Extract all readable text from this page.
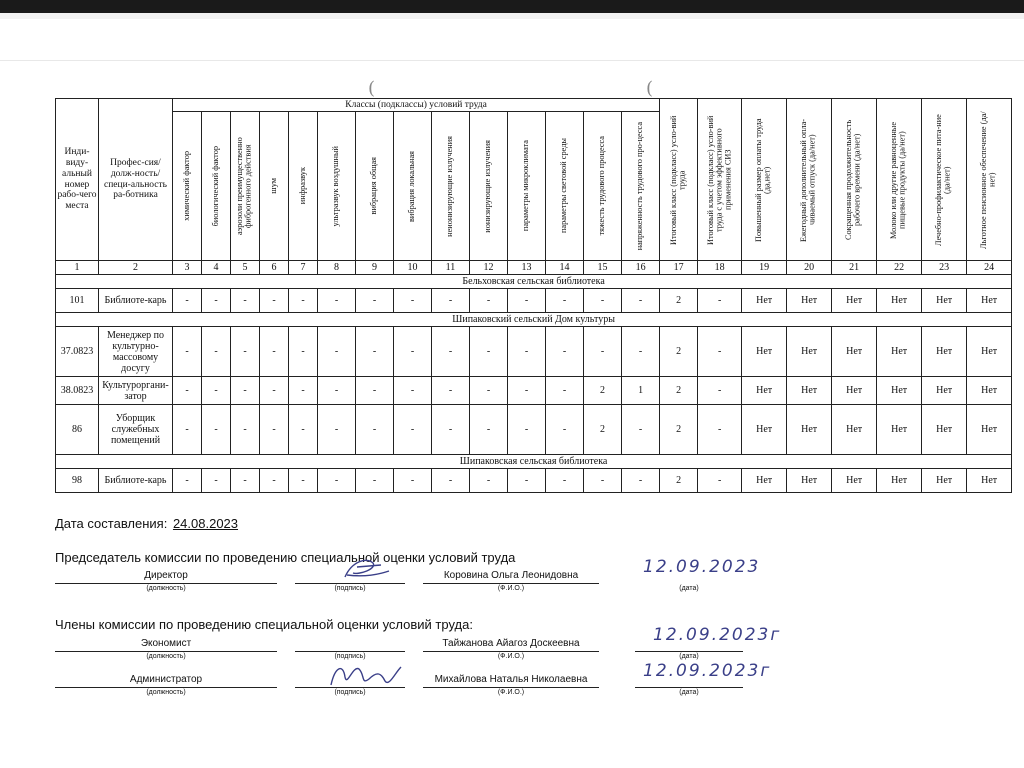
(	(
Инди-виду-альный номер рабо-чего места	Профес-сия/долж-ность/специ-альность ра-ботника	Классы (подклассы) условий труда														Итоговый класс (подкласс) усло-вий труда	Итоговый класс (подкласс) усло-вий труда с учетом эффективного применения СИЗ	Повышенный размер оплаты труда (да,нет)	Ежегодный дополнительный опла-чиваемый отпуск (да/нет)	Сокращенная продолжительность рабочего времени (да/нет)	Молоко или другие равноценные пищевые продукты (да/нет)	Лечебно-профилактическое пита-ние (да/нет)	Льготное пенсионное обеспечение (да/нет)

		химический фактор	биологический фактор	аэрозоли преимущественно фиброгенного действия	шум	инфразвук	ультразвук воздушный	вибрация общая	вибрация локальная	неионизирующие излучения	ионизирующие излучения	параметры микроклимата	параметры световой среды	тяжесть трудового процесса	напряженность трудового про-цесса								

1	2	3	4	5	6	7	8	9	10	11	12	13	14	15	16	17	18	19	20	21	22	23	24
Бельховская сельская библиотека																							
101	Библиоте-карь	-	-	-	-	-	-	-	-	-	-	-	-	-	-	2	-	Нет	Нет	Нет	Нет	Нет	Нет
Шипаковский сельский Дом культуры																							
37.0823	Менеджер по культурно-массовому досугу	-	-	-	-	-	-	-	-	-	-	-	-	-	-	2	-	Нет	Нет	Нет	Нет	Нет	Нет
38.0823	Культуроргани-затор	-	-	-	-	-	-	-	-	-	-	-	-	2	1	2	-	Нет	Нет	Нет	Нет	Нет	Нет
86	Уборщик служебных помещений	-	-	-	-	-	-	-	-	-	-	-	-	2	-	2	-	Нет	Нет	Нет	Нет	Нет	Нет
Шипаковская сельская библиотека																							
98	Библиоте-карь	-	-	-	-	-	-	-	-	-	-	-	-	-	-	2	-	Нет	Нет	Нет	Нет	Нет	Нет
Дата составления: 24.08.2023
Председатель комиссии по проведению специальной оценки условий труда
Директор	Коровина Ольга Леонидовна	12.09.2023
(должность)	(подпись)	(Ф.И.О.)	(дата)
Члены комиссии по проведению специальной оценки условий труда:
Экономист	Тайжанова Айагоз Доскеевна	12.09.2023г
(должность)	(подпись)	(Ф.И.О.)	(дата)
Администратор	Михайлова Наталья Николаевна	12.09.2023г
(должность)	(подпись)	(Ф.И.О.)	(дата)
